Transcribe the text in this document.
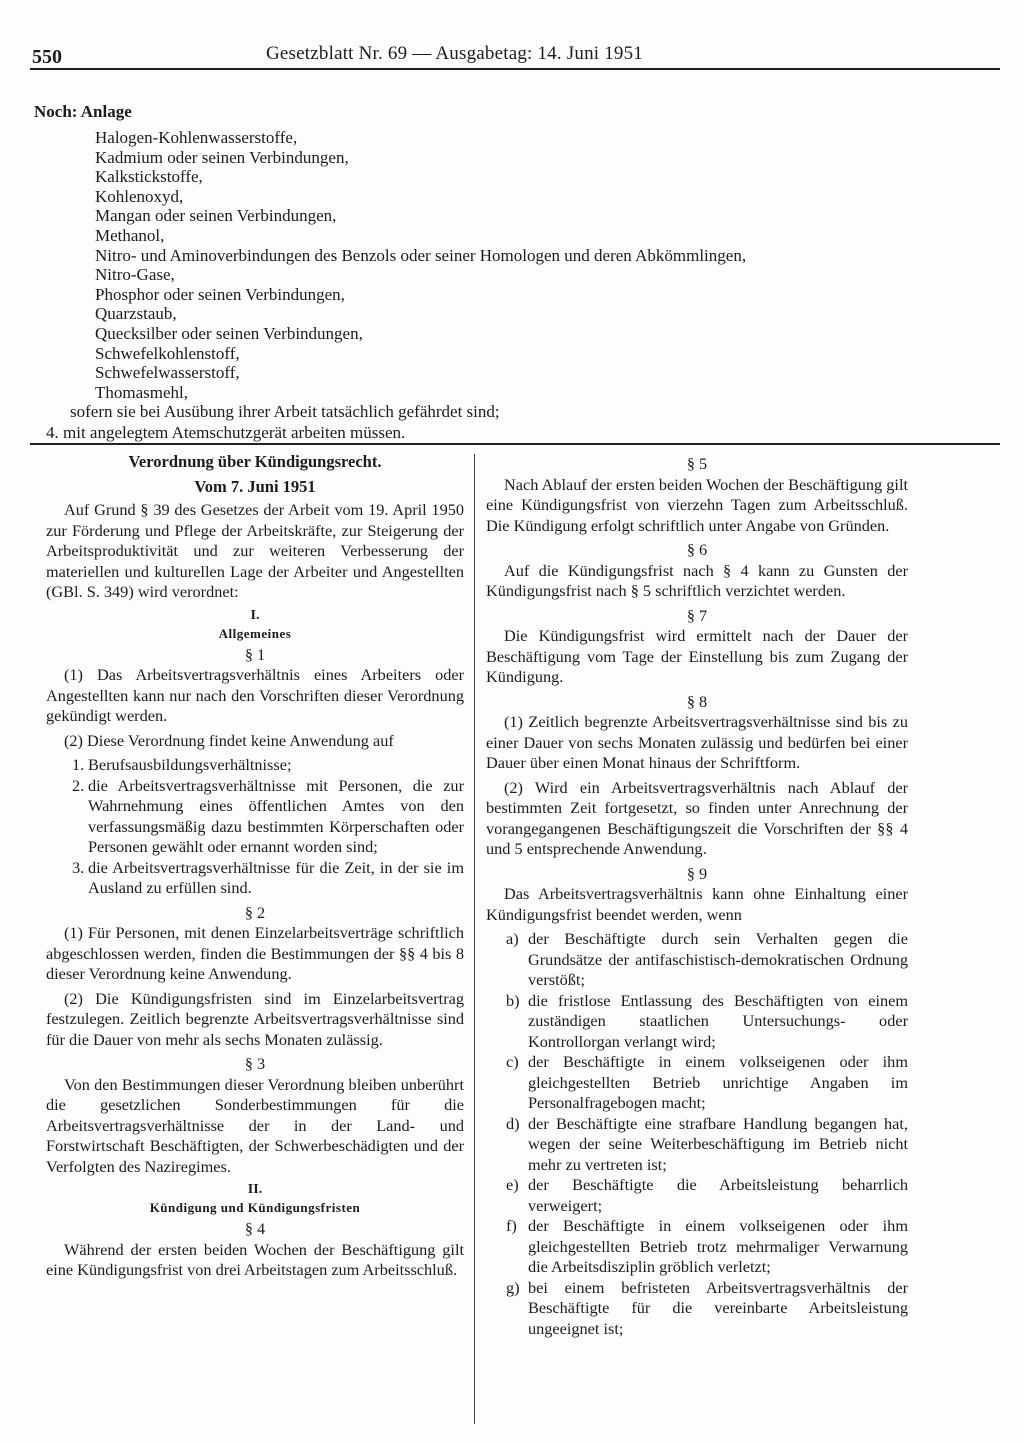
550	Gesetzblatt Nr. 69 — Ausgabetag: 14. Juni 1951
Noch: Anlage
Halogen-Kohlenwasserstoffe,
Kadmium oder seinen Verbindungen,
Kalkstickstoffe,
Kohlenoxyd,
Mangan oder seinen Verbindungen,
Methanol,
Nitro- und Aminoverbindungen des Benzols oder seiner Homologen und deren Abkömmlingen,
Nitro-Gase,
Phosphor oder seinen Verbindungen,
Quarzstaub,
Quecksilber oder seinen Verbindungen,
Schwefelkohlenstoff,
Schwefelwasserstoff,
Thomasmehl,
sofern sie bei Ausübung ihrer Arbeit tatsächlich gefährdet sind;
4. mit angelegtem Atemschutzgerät arbeiten müssen.
Verordnung über Kündigungsrecht.
Vom 7. Juni 1951

Auf Grund § 39 des Gesetzes der Arbeit vom 19. April 1950 zur Förderung und Pflege der Arbeitskräfte, zur Steigerung der Arbeitsproduktivität und zur weiteren Verbesserung der materiellen und kulturellen Lage der Arbeiter und Angestellten (GBl. S. 349) wird verordnet:

I.
Allgemeines
§ 1

(1) Das Arbeitsvertragsverhältnis eines Arbeiters oder Angestellten kann nur nach den Vorschriften dieser Verordnung gekündigt werden.

(2) Diese Verordnung findet keine Anwendung auf

1. Berufsausbildungsverhältnisse;
2. die Arbeitsvertragsverhältnisse mit Personen, die zur Wahrnehmung eines öffentlichen Amtes von den verfassungsmäßig dazu bestimmten Körperschaften oder Personen gewählt oder ernannt worden sind;
3. die Arbeitsvertragsverhältnisse für die Zeit, in der sie im Ausland zu erfüllen sind.
§ 2

(1) Für Personen, mit denen Einzelarbeitsverträge schriftlich abgeschlossen werden, finden die Bestimmungen der §§ 4 bis 8 dieser Verordnung keine Anwendung.

(2) Die Kündigungsfristen sind im Einzelarbeitsvertrag festzulegen. Zeitlich begrenzte Arbeitsvertragsverhältnisse sind für die Dauer von mehr als sechs Monaten zulässig.

§ 3

Von den Bestimmungen dieser Verordnung bleiben unberührt die gesetzlichen Sonderbestimmungen für die Arbeitsvertragsverhältnisse der in der Land- und Forstwirtschaft Beschäftigten, der Schwerbeschädigten und der Verfolgten des Naziregimes.

II.
Kündigung und Kündigungsfristen
§ 4

Während der ersten beiden Wochen der Beschäftigung gilt eine Kündigungsfrist von drei Arbeitstagen zum Arbeitsschluß.

§ 5

Nach Ablauf der ersten beiden Wochen der Beschäftigung gilt eine Kündigungsfrist von vierzehn Tagen zum Arbeitsschluß. Die Kündigung erfolgt schriftlich unter Angabe von Gründen.

§ 6

Auf die Kündigungsfrist nach § 4 kann zu Gunsten der Kündigungsfrist nach § 5 schriftlich verzichtet werden.

§ 7

Die Kündigungsfrist wird ermittelt nach der Dauer der Beschäftigung vom Tage der Einstellung bis zum Zugang der Kündigung.

§ 8

(1) Zeitlich begrenzte Arbeitsvertragsverhältnisse sind bis zu einer Dauer von sechs Monaten zulässig und bedürfen bei einer Dauer über einen Monat hinaus der Schriftform.

(2) Wird ein Arbeitsvertragsverhältnis nach Ablauf der bestimmten Zeit fortgesetzt, so finden unter Anrechnung der vorangegangenen Beschäftigungszeit die Vorschriften der §§ 4 und 5 entsprechende Anwendung.

§ 9

Das Arbeitsvertragsverhältnis kann ohne Einhaltung einer Kündigungsfrist beendet werden, wenn

a) der Beschäftigte durch sein Verhalten gegen die Grundsätze der antifaschistisch-demokratischen Ordnung verstößt;
b) die fristlose Entlassung des Beschäftigten von einem zuständigen staatlichen Untersuchungs- oder Kontrollorgan verlangt wird;
c) der Beschäftigte in einem volkseigenen oder ihm gleichgestellten Betrieb unrichtige Angaben im Personalfragebogen macht;
d) der Beschäftigte eine strafbare Handlung begangen hat, wegen der seine Weiterbeschäftigung im Betrieb nicht mehr zu vertreten ist;
e) der Beschäftigte die Arbeitsleistung beharrlich verweigert;
f) der Beschäftigte in einem volkseigenen oder ihm gleichgestellten Betrieb trotz mehrmaliger Verwarnung die Arbeitsdisziplin gröblich verletzt;
g) bei einem befristeten Arbeitsvertragsverhältnis der Beschäftigte für die vereinbarte Arbeitsleistung ungeeignet ist;
